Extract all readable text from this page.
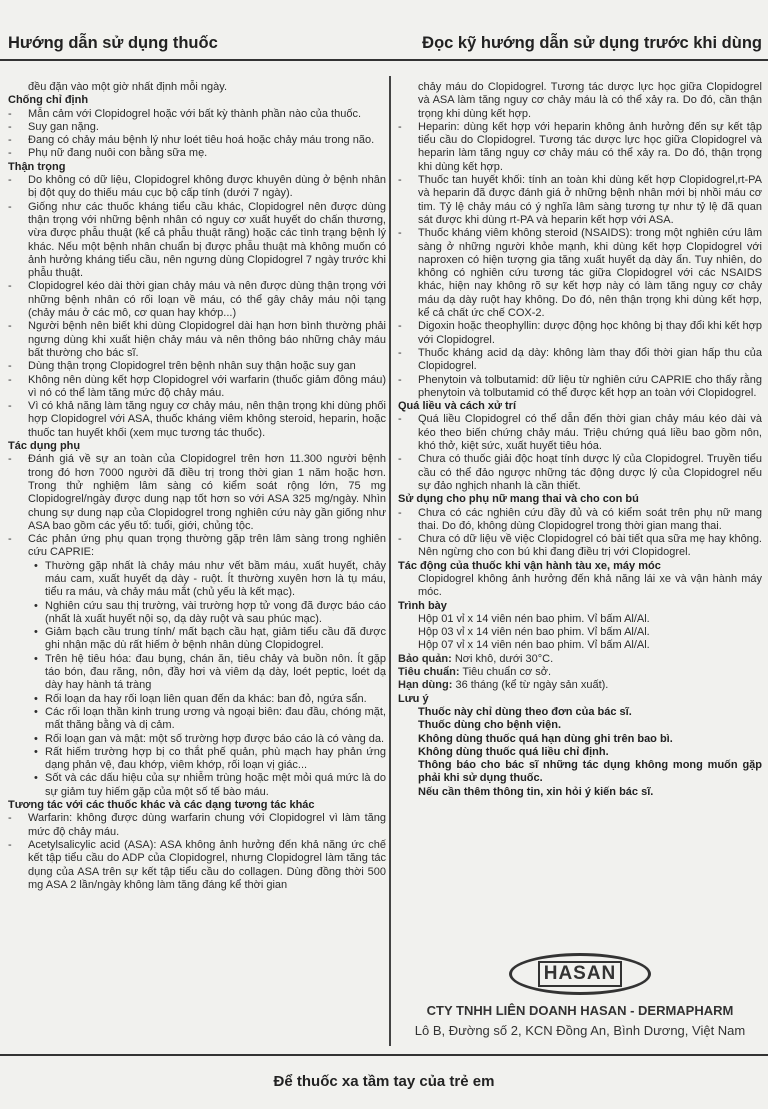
Hướng dẫn sử dụng thuốc	Đọc kỹ hướng dẫn sử dụng trước khi dùng
đều đặn vào một giờ nhất định mỗi ngày.
Chống chỉ định
- Mẫn cảm với Clopidogrel hoặc với bất kỳ thành phần nào của thuốc.
- Suy gan nặng.
- Đang có chảy máu bệnh lý như loét tiêu hoá hoặc chảy máu trong não.
- Phụ nữ đang nuôi con bằng sữa mẹ.
Thận trọng
- Do không có dữ liệu, Clopidogrel không được khuyên dùng ở bệnh nhân bị đột quỵ do thiếu máu cục bộ cấp tính (dưới 7 ngày).
- Giống như các thuốc kháng tiểu cầu khác, Clopidogrel nên được dùng thận trọng với những bệnh nhân có nguy cơ xuất huyết do chấn thương, vừa được phẫu thuật (kể cả phẫu thuật răng) hoặc các tình trạng bệnh lý khác. Nếu một bệnh nhân chuẩn bị được phẫu thuật mà không muốn có ảnh hưởng kháng tiểu cầu, nên ngưng dùng Clopidogrel 7 ngày trước khi phẫu thuật.
- Clopidogrel kéo dài thời gian chảy máu và nên được dùng thận trọng với những bệnh nhân có rối loạn về máu, có thể gây chảy máu nội tạng (chảy máu ở các mô, cơ quan hay khớp...)
- Người bệnh nên biết khi dùng Clopidogrel dài hạn hơn bình thường phải ngưng dùng khi xuất hiện chảy máu và nên thông báo những chảy máu bất thường cho bác sĩ.
- Dùng thận trọng Clopidogrel trên bệnh nhân suy thận hoặc suy gan
- Không nên dùng kết hợp Clopidogrel với warfarin (thuốc giảm đông máu) vì nó có thể làm tăng mức độ chảy máu.
- Vì có khả năng làm tăng nguy cơ chảy máu, nên thận trọng khi dùng phối hợp Clopidogrel với ASA, thuốc kháng viêm không steroid, heparin, hoặc thuốc tan huyết khối (xem mục tương tác thuốc).
Tác dụng phụ
- Đánh giá về sự an toàn của Clopidogrel trên hơn 11.300 người bệnh trong đó hơn 7000 người đã điều trị trong thời gian 1 năm hoặc hơn. Trong thử nghiệm lâm sàng có kiểm soát rộng lớn, 75 mg Clopidogrel/ngày được dung nạp tốt hơn so với ASA 325 mg/ngày. Nhìn chung sự dung nạp của Clopidogrel trong nghiên cứu này gần giống như ASA bao gồm các yếu tố: tuổi, giới, chủng tộc.
- Các phản ứng phụ quan trọng thường gặp trên lâm sàng trong nghiên cứu CAPRIE:
• Thường gặp nhất là chảy máu như vết bầm máu, xuất huyết, chảy máu cam, xuất huyết dạ dày - ruột. Ít thường xuyên hơn là tụ máu, tiểu ra máu, và chảy máu mắt (chủ yếu là kết mạc).
• Nghiên cứu sau thị trường, vài trường hợp tử vong đã được báo cáo (nhất là xuất huyết nội sọ, dạ dày ruột và sau phúc mạc).
• Giảm bạch cầu trung tính/ mất bạch cầu hạt, giảm tiểu cầu đã được ghi nhận mặc dù rất hiếm ở bệnh nhân dùng Clopidogrel.
• Trên hệ tiêu hóa: đau bụng, chán ăn, tiêu chảy và buồn nôn. Ít gặp táo bón, đau răng, nôn, đầy hơi và viêm dạ dày, loét peptic, loét dạ dày hay hành tá tràng
• Rối loạn da hay rối loạn liên quan đến da khác: ban đỏ, ngứa sẩn.
• Các rối loạn thần kinh trung ương và ngoại biên: đau đầu, chóng mặt, mất thăng bằng và dị cảm.
• Rối loạn gan và mật: một số trường hợp được báo cáo là có vàng da.
• Rất hiếm trường hợp bị co thắt phế quản, phù mạch hay phản ứng dạng phản vệ, đau khớp, viêm khớp, rối loạn vị giác...
• Sốt và các dấu hiệu của sự nhiễm trùng hoặc mệt mỏi quá mức là do sự giảm tuy hiếm gặp của một số tế bào máu.
Tương tác với các thuốc khác và các dạng tương tác khác
- Warfarin: không được dùng warfarin chung với Clopidogrel vì làm tăng mức độ chảy máu.
- Acetylsalicylic acid (ASA): ASA không ảnh hưởng đến khả năng ức chế kết tập tiểu cầu do ADP của Clopidogrel, nhưng Clopidogrel làm tăng tác dụng của ASA trên sự kết tập tiểu cầu do collagen. Dùng đồng thời 500 mg ASA 2 lần/ngày không làm tăng đáng kể thời gian
chảy máu do Clopidogrel. Tương tác dược lực học giữa Clopidogrel và ASA làm tăng nguy cơ chảy máu là có thể xảy ra. Do đó, cần thận trọng khi dùng kết hợp.
- Heparin: dùng kết hợp với heparin không ảnh hưởng đến sự kết tập tiểu cầu do Clopidogrel. Tương tác dược lực học giữa Clopidogrel và heparin làm tăng nguy cơ chảy máu có thể xảy ra. Do đó, thận trọng khi dùng kết hợp.
- Thuốc tan huyết khối: tính an toàn khi dùng kết hợp Clopidogrel,rt-PA và heparin đã được đánh giá ở những bệnh nhân mới bị nhồi máu cơ tim. Tỷ lệ chảy máu có ý nghĩa lâm sàng tương tự như tỷ lệ đã quan sát được khi dùng rt-PA và heparin kết hợp với ASA.
- Thuốc kháng viêm không steroid (NSAIDS): trong một nghiên cứu lâm sàng ở những người khỏe mạnh, khi dùng kết hợp Clopidogrel với naproxen có hiện tượng gia tăng xuất huyết dạ dày ẩn. Tuy nhiên, do không có nghiên cứu tương tác giữa Clopidogrel với các NSAIDS khác, hiện nay không rõ sự kết hợp này có làm tăng nguy cơ chảy máu dạ dày ruột hay không. Do đó, nên thận trọng khi dùng kết hợp, kể cả chất ức chế COX-2.
- Digoxin hoặc theophyllin: dược động học không bị thay đổi khi kết hợp với Clopidogrel.
- Thuốc kháng acid dạ dày: không làm thay đổi thời gian hấp thu của Clopidogrel.
- Phenytoin và tolbutamid: dữ liệu từ nghiên cứu CAPRIE cho thấy rằng phenytoin và tolbutamid có thể được kết hợp an toàn với Clopidogrel.
Quá liều và cách xử trí
- Quá liều Clopidogrel có thể dẫn đến thời gian chảy máu kéo dài và kéo theo biến chứng chảy máu. Triệu chứng quá liều bao gồm nôn, khó thở, kiệt sức, xuất huyết tiêu hóa.
- Chưa có thuốc giải độc hoạt tính dược lý của Clopidogrel. Truyền tiểu cầu có thể đảo ngược những tác động dược lý của Clopidogrel nếu sự đảo nghịch nhanh là cần thiết.
Sử dụng cho phụ nữ mang thai và cho con bú
- Chưa có các nghiên cứu đầy đủ và có kiểm soát trên phụ nữ mang thai. Do đó, không dùng Clopidogrel trong thời gian mang thai.
- Chưa có dữ liệu về việc Clopidogrel có bài tiết qua sữa mẹ hay không. Nên ngừng cho con bú khi đang điều trị với Clopidogrel.
Tác động của thuốc khi vận hành tàu xe, máy móc
Clopidogrel không ảnh hưởng đến khả năng lái xe và vận hành máy móc.
Trình bày
Hộp 01 vỉ x 14 viên nén bao phim. Vỉ bấm Al/Al.
Hộp 03 vỉ x 14 viên nén bao phim. Vỉ bấm Al/Al.
Hộp 07 vỉ x 14 viên nén bao phim. Vỉ bấm Al/Al.
Bảo quản: Nơi khô, dưới 30°C.
Tiêu chuẩn: Tiêu chuẩn cơ sở.
Hạn dùng: 36 tháng (kể từ ngày sản xuất).
Lưu ý
Thuốc này chỉ dùng theo đơn của bác sĩ.
Thuốc dùng cho bệnh viện.
Không dùng thuốc quá hạn dùng ghi trên bao bì.
Không dùng thuốc quá liều chỉ định.
Thông báo cho bác sĩ những tác dụng không mong muốn gặp phải khi sử dụng thuốc.
Nếu cần thêm thông tin, xin hỏi ý kiến bác sĩ.
HASAN
CTY TNHH LIÊN DOANH HASAN - DERMAPHARM
Lô B, Đường số 2, KCN Đồng An, Bình Dương, Việt Nam
Để thuốc xa tầm tay của trẻ em
